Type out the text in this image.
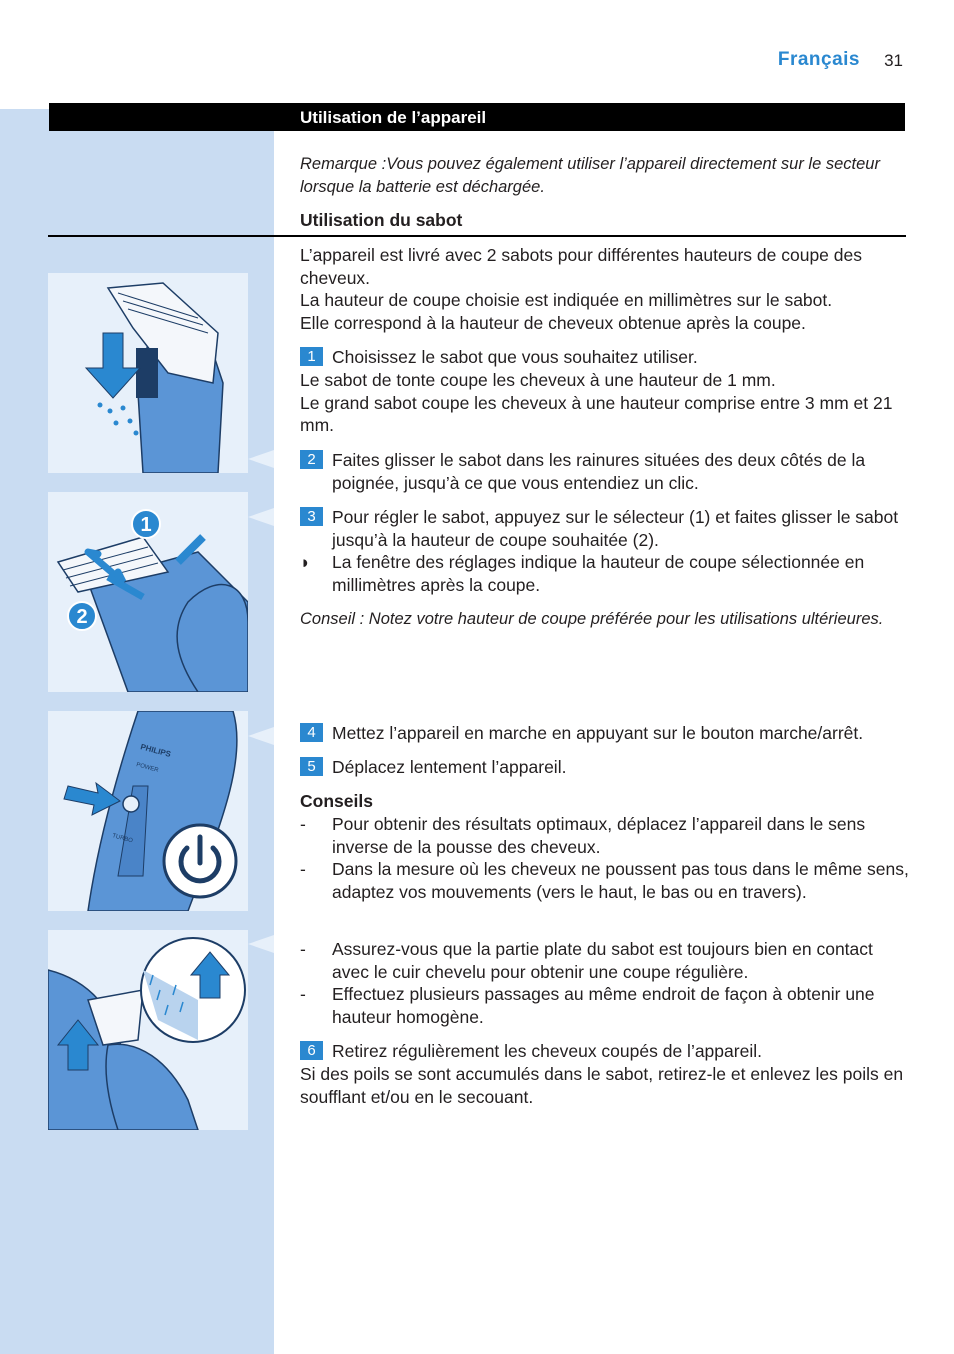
Français 31
Utilisation de l’appareil
Remarque :Vous pouvez également utiliser l’appareil directement sur le secteur lorsque la batterie est déchargée.
Utilisation du sabot
L’appareil est livré avec 2 sabots pour différentes hauteurs de coupe des cheveux.
La hauteur de coupe choisie est indiquée en millimètres sur le sabot.
Elle correspond à la hauteur de cheveux obtenue après la coupe.
1 Choisissez le sabot que vous souhaitez utiliser.
Le sabot de tonte coupe les cheveux à une hauteur de 1 mm.
Le grand sabot coupe les cheveux à une hauteur comprise entre 3 mm et 21 mm.
2 Faites glisser le sabot dans les rainures situées des deux côtés de la poignée, jusqu’à ce que vous entendiez un clic.
3 Pour régler le sabot, appuyez sur le sélecteur (1) et faites glisser le sabot jusqu’à la hauteur de coupe souhaitée (2).
◗ La fenêtre des réglages indique la hauteur de coupe sélectionnée en millimètres après la coupe.
Conseil : Notez votre hauteur de coupe préférée pour les utilisations ultérieures.
4 Mettez l’appareil en marche en appuyant sur le bouton marche/arrêt.
5 Déplacez lentement l’appareil.
Conseils
- Pour obtenir des résultats optimaux, déplacez l’appareil dans le sens inverse de la pousse des cheveux.
- Dans la mesure où les cheveux ne poussent pas tous dans le même sens, adaptez vos mouvements (vers le haut, le bas ou en travers).
- Assurez-vous que la partie plate du sabot est toujours bien en contact avec le cuir chevelu pour obtenir une coupe régulière.
- Effectuez plusieurs passages au même endroit de façon à obtenir une hauteur homogène.
6 Retirez régulièrement les cheveux coupés de l’appareil.
Si des poils se sont accumulés dans le sabot, retirez-le et enlevez les poils en soufflant et/ou en le secouant.
1
2
PHILIPS
POWER
TURBO
